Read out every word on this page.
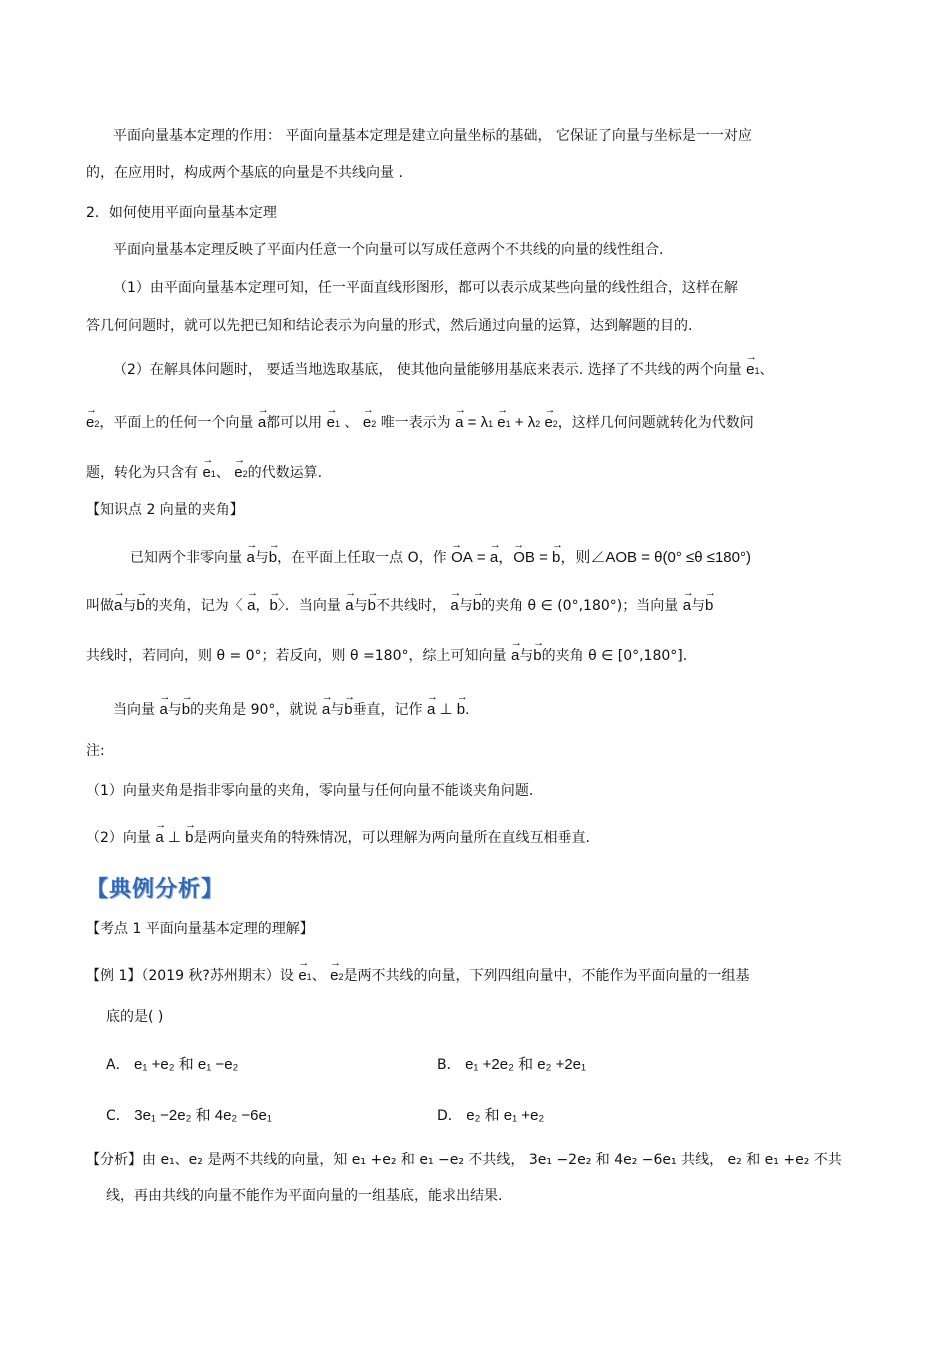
平面向量基本定理的作用： 平面向量基本定理是建立向量坐标的基础， 它保证了向量与坐标是一一对应
的，在应用时，构成两个基底的向量是不共线向量 .
2．如何使用平面向量基本定理
平面向量基本定理反映了平面内任意一个向量可以写成任意两个不共线的向量的线性组合.
（1）由平面向量基本定理可知，任一平面直线形图形，都可以表示成某些向量的线性组合，这样在解
答几何问题时，就可以先把已知和结论表示为向量的形式，然后通过向量的运算，达到解题的目的.
（2）在解具体问题时， 要适当地选取基底， 使其他向量能够用基底来表示. 选择了不共线的两个向量 → e1、
→ e2，平面上的任何一个向量 → a都可以用 → e1 、 → e2 唯一表示为 → a = λ1 → e1 + λ2 → e2，这样几何问题就转化为代数问
题，转化为只含有 → e1、 → e2的代数运算.
【知识点 2 向量的夹角】
已知两个非零向量 → a与→ b，在平面上任取一点 O，作 → OA = → a，→ OB = → b，则∠AOB = θ(0° ≤θ ≤180°)
叫做→ a与→ b的夹角，记为〈 → a，→ b〉．当向量 → a与→ b不共线时， → a与→ b的夹角 θ ∈ (0°,180°)；当向量 → a与→ b
共线时，若同向，则 θ = 0°；若反向，则 θ =180°，综上可知向量 → a与→ b的夹角 θ ∈ [0°,180°].
当向量 → a与→ b的夹角是 90°，就说 → a与→ b垂直，记作 → a ⊥ → b.
注:
（1）向量夹角是指非零向量的夹角，零向量与任何向量不能谈夹角问题.
（2）向量 → a ⊥ → b是两向量夹角的特殊情况，可以理解为两向量所在直线互相垂直.
【典例分析】
【考点 1 平面向量基本定理的理解】
【例 1】（2019 秋?苏州期末）设 → e1、 → e2是两不共线的向量，下列四组向量中，不能作为平面向量的一组基
底的是( )
A． e₁ +e₂ 和 e₁ −e₂	B． e₁ +2e₂ 和 e₂ +2e₁
C． 3e₁ −2e₂ 和 4e₂ −6e₁	D． e₂ 和 e₁ +e₂
【分析】由 e₁、e₂ 是两不共线的向量，知 e₁ +e₂ 和 e₁ −e₂ 不共线， 3e₁ −2e₂ 和 4e₂ −6e₁ 共线， e₂ 和 e₁ +e₂ 不共
线，再由共线的向量不能作为平面向量的一组基底，能求出结果.
